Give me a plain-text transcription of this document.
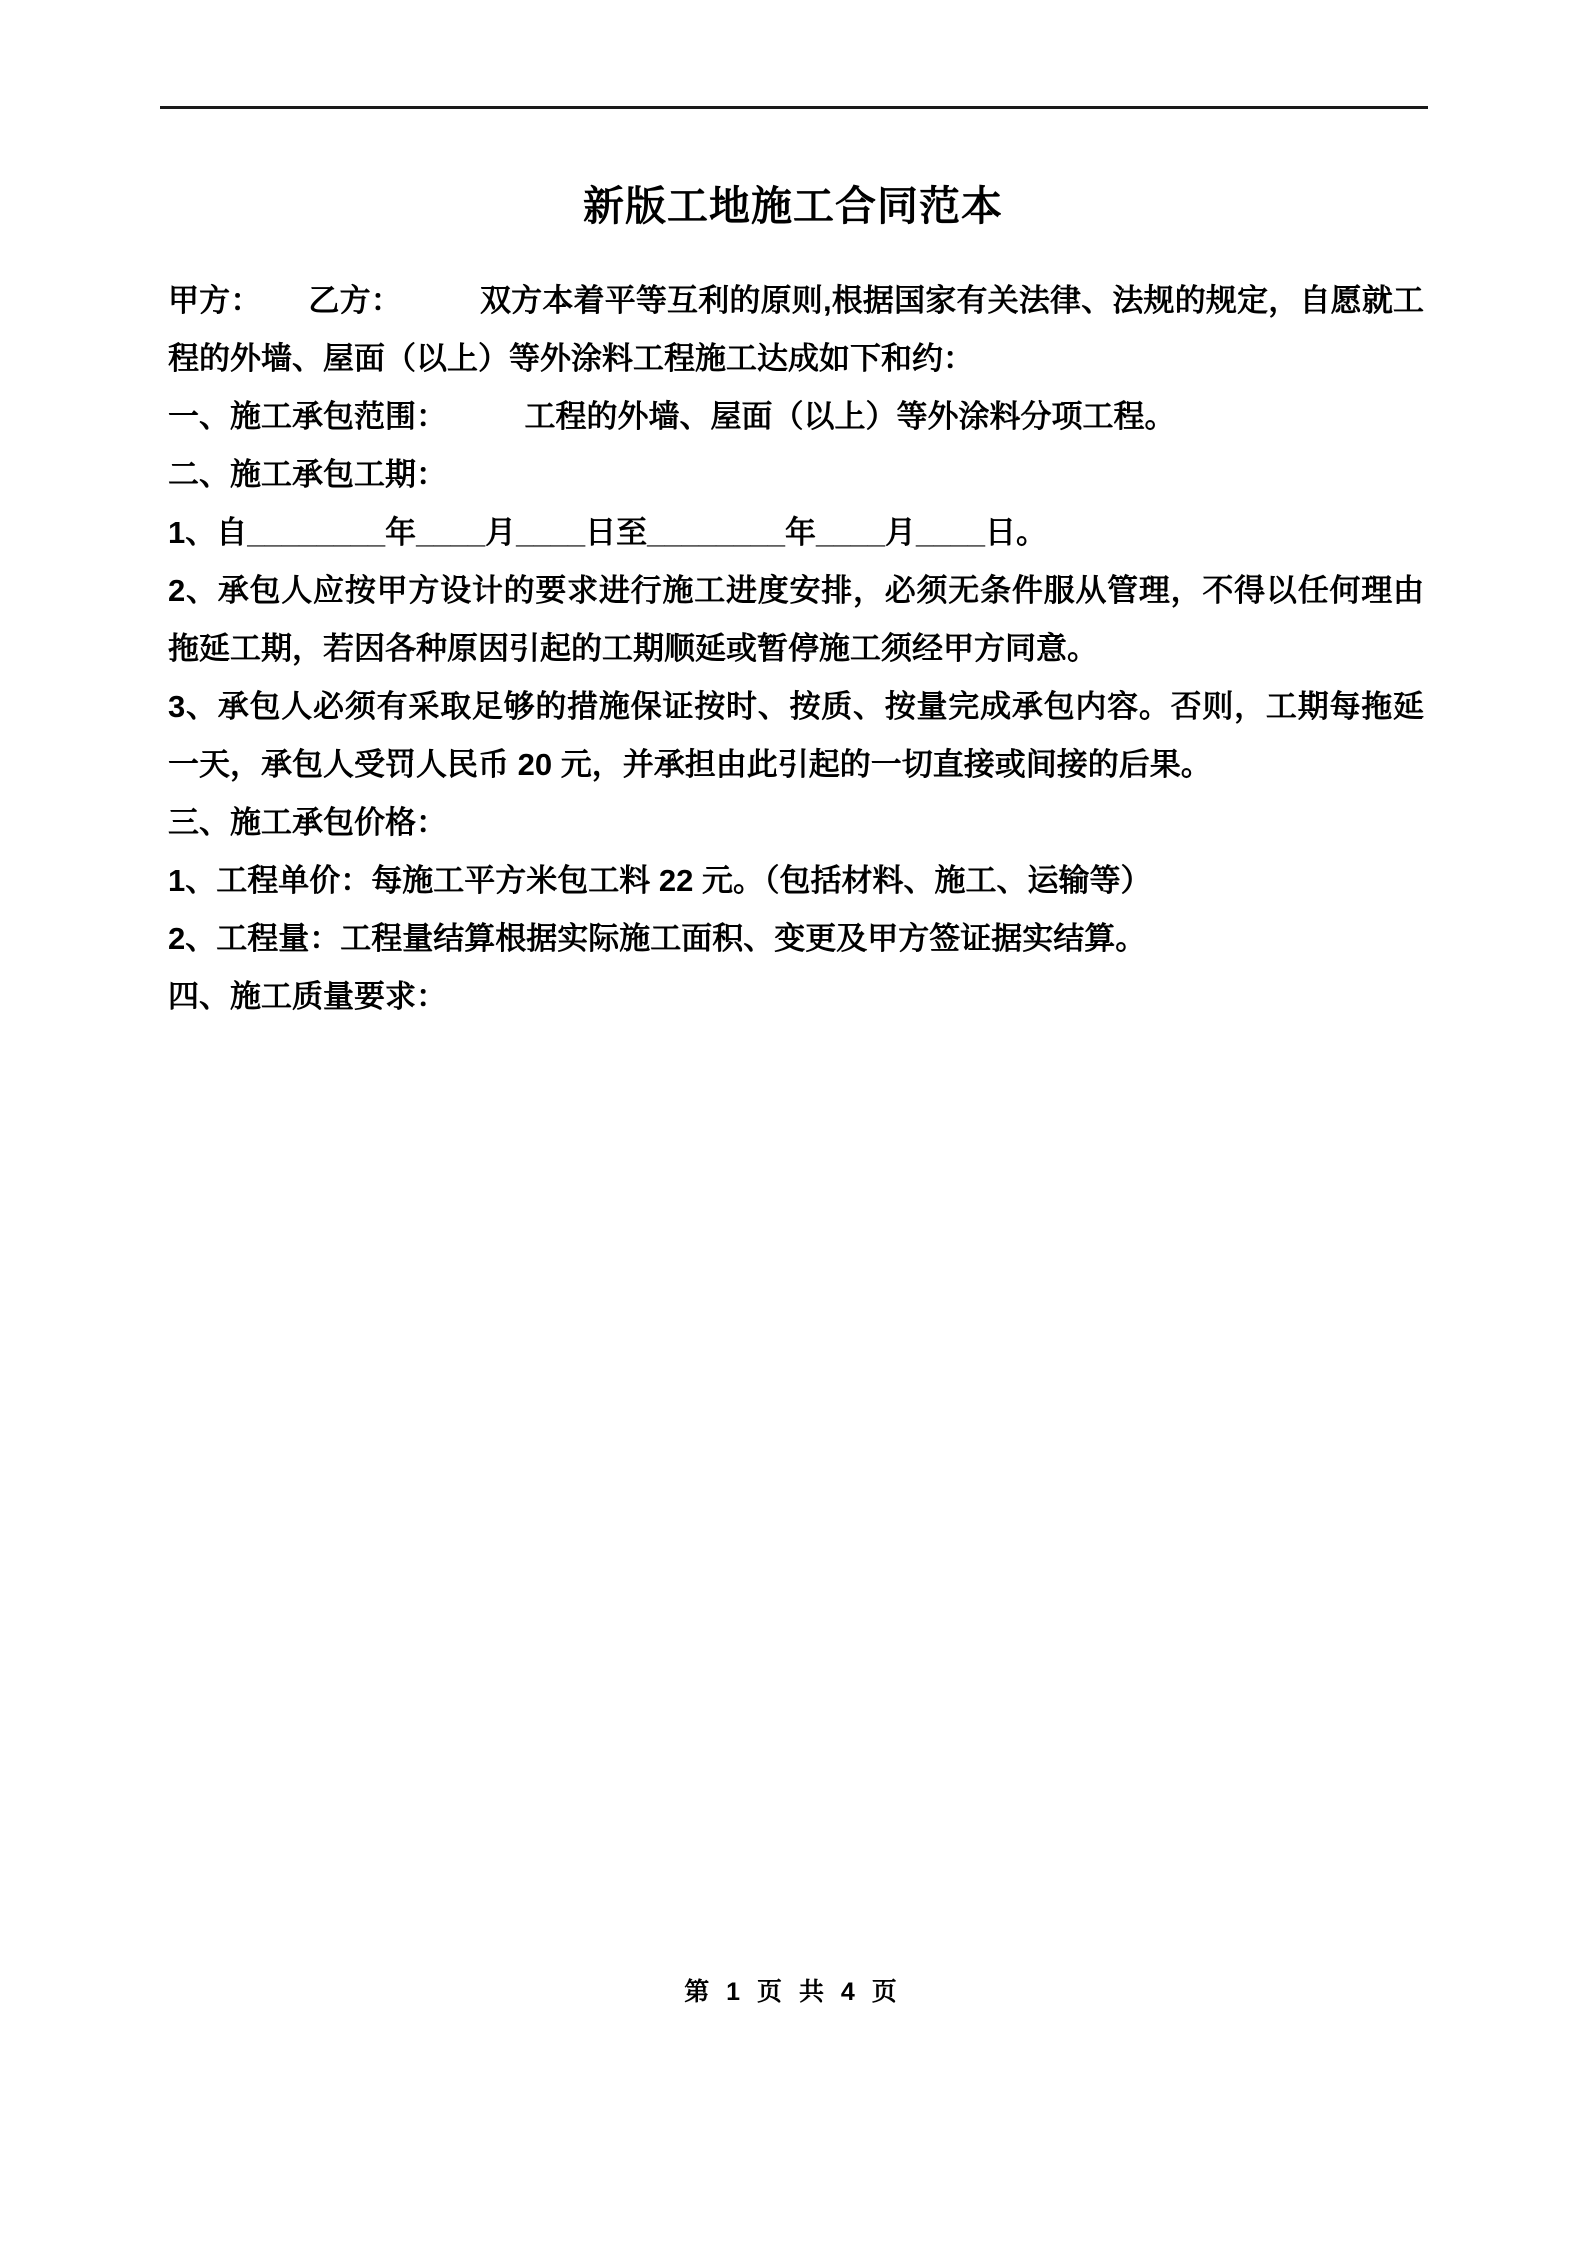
新版工地施工合同范本

甲方：　　乙方：　　　双方本着平等互利的原则,根据国家有关法律、法规的规定，自愿就工程的外墙、屋面（以上）等外涂料工程施工达成如下和约：

一、施工承包范围：　　　工程的外墙、屋面（以上）等外涂料分项工程。

二、施工承包工期：

1、自________年____月____日至________年____月____日。

2、承包人应按甲方设计的要求进行施工进度安排，必须无条件服从管理，不得以任何理由拖延工期，若因各种原因引起的工期顺延或暂停施工须经甲方同意。

3、承包人必须有采取足够的措施保证按时、按质、按量完成承包内容。否则，工期每拖延一天，承包人受罚人民币 20 元，并承担由此引起的一切直接或间接的后果。

三、施工承包价格：

1、工程单价：每施工平方米包工料 22 元。（包括材料、施工、运输等）

2、工程量：工程量结算根据实际施工面积、变更及甲方签证据实结算。

四、施工质量要求：

第 1 页 共 4 页
